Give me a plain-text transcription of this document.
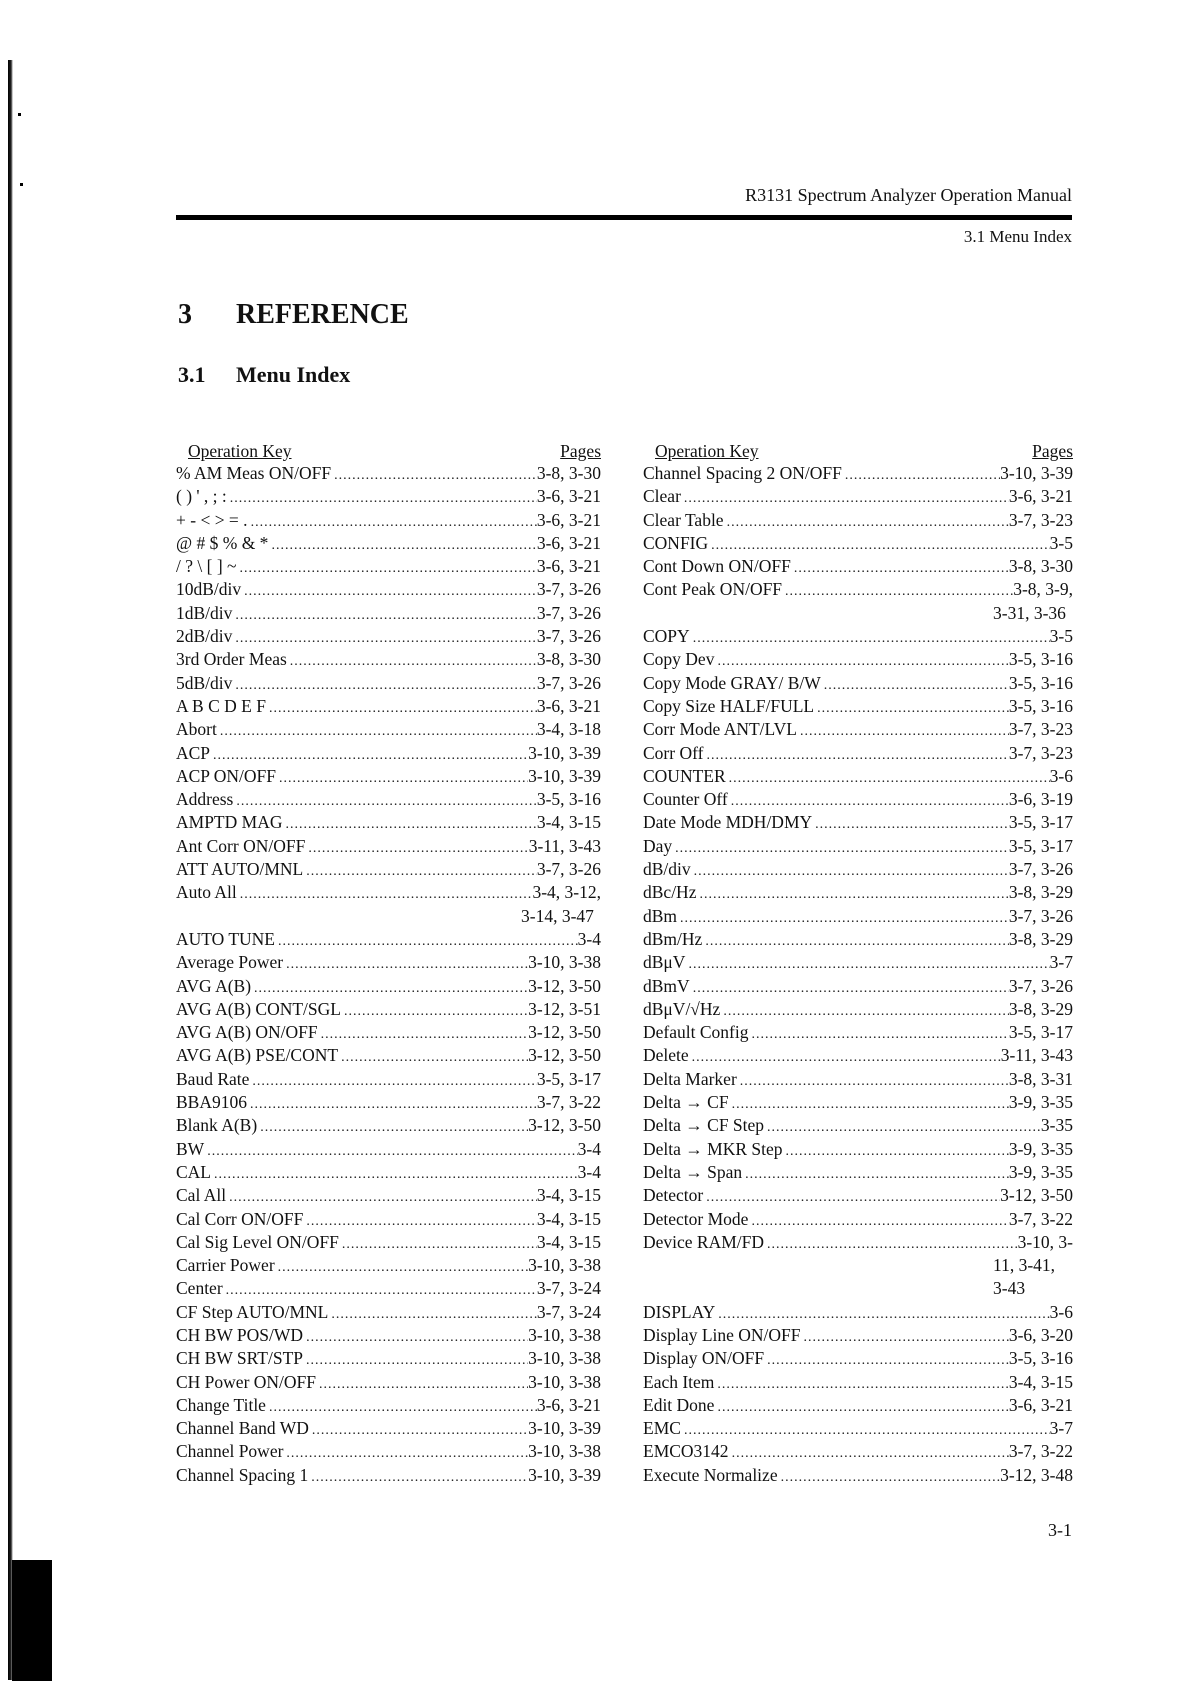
R3131 Spectrum Analyzer Operation Manual
3.1 Menu Index
3 REFERENCE
3.1 Menu Index
Operation Key	Pages
% AM Meas ON/OFF .....	3-8, 3-30
( ) ' , ; : .....	3-6, 3-21
+ - < > = . .....	3-6, 3-21
@ # $ % & * .....	3-6, 3-21
/ ? \ [ ] ~ .....	3-6, 3-21
10dB/div .....	3-7, 3-26
1dB/div .....	3-7, 3-26
2dB/div .....	3-7, 3-26
3rd Order Meas .....	3-8, 3-30
5dB/div .....	3-7, 3-26
A B C D E F .....	3-6, 3-21
Abort .....	3-4, 3-18
ACP .....	3-10, 3-39
ACP ON/OFF .....	3-10, 3-39
Address .....	3-5, 3-16
AMPTD MAG .....	3-4, 3-15
Ant Corr ON/OFF .....	3-11, 3-43
ATT AUTO/MNL .....	3-7, 3-26
Auto All .....	3-4, 3-12,
3-14, 3-47
AUTO TUNE .....	3-4
Average Power .....	3-10, 3-38
AVG A(B) .....	3-12, 3-50
AVG A(B) CONT/SGL .....	3-12, 3-51
AVG A(B) ON/OFF .....	3-12, 3-50
AVG A(B) PSE/CONT .....	3-12, 3-50
Baud Rate .....	3-5, 3-17
BBA9106 .....	3-7, 3-22
Blank A(B) .....	3-12, 3-50
BW .....	3-4
CAL .....	3-4
Cal All .....	3-4, 3-15
Cal Corr ON/OFF .....	3-4, 3-15
Cal Sig Level ON/OFF .....	3-4, 3-15
Carrier Power .....	3-10, 3-38
Center .....	3-7, 3-24
CF Step AUTO/MNL .....	3-7, 3-24
CH BW POS/WD .....	3-10, 3-38
CH BW SRT/STP .....	3-10, 3-38
CH Power ON/OFF .....	3-10, 3-38
Change Title .....	3-6, 3-21
Channel Band WD .....	3-10, 3-39
Channel Power .....	3-10, 3-38
Channel Spacing 1 .....	3-10, 3-39
Operation Key	Pages
Channel Spacing 2 ON/OFF .....	3-10, 3-39
Clear .....	3-6, 3-21
Clear Table .....	3-7, 3-23
CONFIG .....	3-5
Cont Down ON/OFF .....	3-8, 3-30
Cont Peak ON/OFF .....	3-8, 3-9,
3-31, 3-36
COPY .....	3-5
Copy Dev .....	3-5, 3-16
Copy Mode GRAY/ B/W .....	3-5, 3-16
Copy Size HALF/FULL .....	3-5, 3-16
Corr Mode ANT/LVL .....	3-7, 3-23
Corr Off .....	3-7, 3-23
COUNTER .....	3-6
Counter Off .....	3-6, 3-19
Date Mode MDH/DMY .....	3-5, 3-17
Day .....	3-5, 3-17
dB/div .....	3-7, 3-26
dBc/Hz .....	3-8, 3-29
dBm .....	3-7, 3-26
dBm/Hz .....	3-8, 3-29
dBμV .....	3-7
dBmV .....	3-7, 3-26
dBμV/√Hz .....	3-8, 3-29
Default Config .....	3-5, 3-17
Delete .....	3-11, 3-43
Delta Marker .....	3-8, 3-31
Delta → CF .....	3-9, 3-35
Delta → CF Step .....	3-35
Delta → MKR Step .....	3-9, 3-35
Delta → Span .....	3-9, 3-35
Detector .....	3-12, 3-50
Detector Mode .....	3-7, 3-22
Device RAM/FD .....	3-10, 3-
11, 3-41,
3-43
DISPLAY .....	3-6
Display Line ON/OFF .....	3-6, 3-20
Display ON/OFF .....	3-5, 3-16
Each Item .....	3-4, 3-15
Edit Done .....	3-6, 3-21
EMC .....	3-7
EMCO3142 .....	3-7, 3-22
Execute Normalize .....	3-12, 3-48
3-1
